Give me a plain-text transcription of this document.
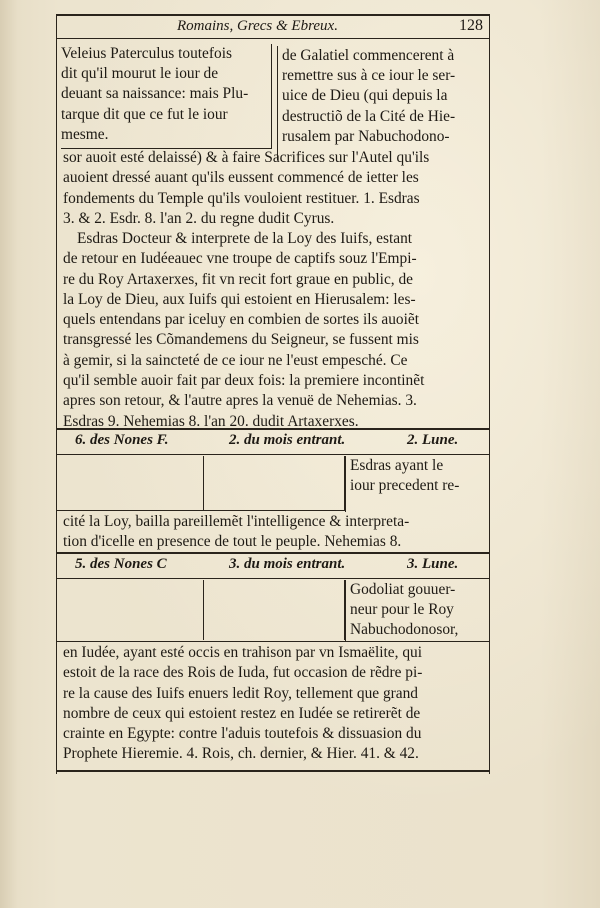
Romains, Grecs & Ebreux.	128
Veleius Paterculus toutefois
dit qu'il mourut le iour de
deuant sa naissance: mais Plu-
tarque dit que ce fut le iour
mesme.
de Galatiel commencerent à
remettre sus à ce iour le ser-
uice de Dieu (qui depuis la
destructiõ de la Cité de Hie-
rusalem par Nabuchodono-
sor auoit esté delaissé) & à faire Sacrifices sur l'Autel qu'ils
auoient dressé auant qu'ils eussent commencé de ietter les
fondements du Temple qu'ils vouloient restituer. 1. Esdras
3. & 2. Esdr. 8. l'an 2. du regne dudit Cyrus.
Esdras Docteur & interprete de la Loy des Iuifs, estant
de retour en Iudéeauec vne troupe de captifs souz l'Empi-
re du Roy Artaxerxes, fit vn recit fort graue en public, de
la Loy de Dieu, aux Iuifs qui estoient en Hierusalem: les-
quels entendans par iceluy en combien de sortes ils auoiẽt
transgressé les Cõmandemens du Seigneur, se fussent mis
à gemir, si la saincteté de ce iour ne l'eust empesché. Ce
qu'il semble auoir fait par deux fois: la premiere incontinẽt
apres son retour, & l'autre apres la venuë de Nehemias. 3.
Esdras 9. Nehemias 8. l'an 20. dudit Artaxerxes.
6. des Nones F.	2. du mois entrant.	2. Lune.
Esdras ayant le
iour precedent re-
cité la Loy, bailla pareillemẽt l'intelligence & interpreta-
tion d'icelle en presence de tout le peuple. Nehemias 8.
5. des Nones C	3. du mois entrant.	3. Lune.
Godoliat gouuer-
neur pour le Roy
Nabuchodonosor,
en Iudée, ayant esté occis en trahison par vn Ismaëlite, qui
estoit de la race des Rois de Iuda, fut occasion de rẽdre pi-
re la cause des Iuifs enuers ledit Roy, tellement que grand
nombre de ceux qui estoient restez en Iudée se retirerẽt de
crainte en Egypte: contre l'aduis toutefois & dissuasion du
Prophete Hieremie. 4. Rois, ch. dernier, & Hier. 41. & 42.
